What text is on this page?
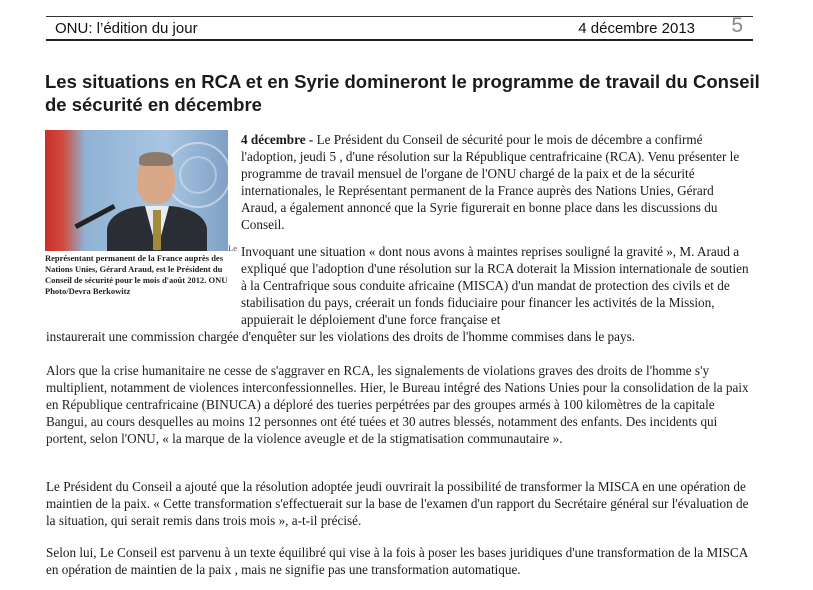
ONU: l’édition du jour	4 décembre 2013 5
Les situations en RCA et en Syrie domineront le programme de travail du Conseil de sécurité en décembre
Représentant permanent de la France auprès des Nations Unies, Gérard Araud, est le Président du Conseil de sécurité pour le mois d'août 2012. ONU Photo/Devra Berkowitz
Le

4 décembre - Le Président du Conseil de sécurité pour le mois de décembre a confirmé l'adoption, jeudi 5 , d'une résolution sur la République centrafricaine (RCA). Venu présenter le programme de travail mensuel de l'organe de l'ONU chargé de la paix et de la sécurité internationales, le Représentant permanent de la France auprès des Nations Unies, Gérard Araud, a également annoncé que la Syrie figurerait en bonne place dans les discussions du Conseil.

Invoquant une situation « dont nous avons à maintes reprises souligné la gravité », M. Araud a expliqué que l'adoption d'une résolution sur la RCA doterait la Mission internationale de soutien à la Centrafrique sous conduite africaine (MISCA) d'un mandat de protection des civils et de stabilisation du pays, créerait un fonds fiduciaire pour financer les activités de la Mission, appuierait le déploiement d'une force française et

instaurerait une commission chargée d'enquêter sur les violations des droits de l'homme commises dans le pays.

Alors que la crise humanitaire ne cesse de s'aggraver en RCA, les signalements de violations graves des droits de l'homme s'y multiplient, notamment de violences interconfessionnelles. Hier, le Bureau intégré des Nations Unies pour la consolidation de la paix en République centrafricaine (BINUCA) a déploré des tueries perpétrées par des groupes armés à 100 kilomètres de la capitale Bangui, au cours desquelles au moins 12 personnes ont été tuées et 30 autres blessés, notamment des enfants. Des incidents qui portent, selon l'ONU, « la marque de la violence aveugle et de la stigmatisation communautaire ».

Le Président du Conseil a ajouté que la résolution adoptée jeudi ouvrirait la possibilité de transformer la MISCA en une opération de maintien de la paix. « Cette transformation s'effectuerait sur la base de l'examen d'un rapport du Secrétaire général sur l'évaluation de la situation, qui serait remis dans trois mois », a-t-il précisé.

Selon lui, Le Conseil est parvenu à un texte équilibré qui vise à la fois à poser les bases juridiques d'une transformation de la MISCA en opération de maintien de la paix , mais ne signifie pas une transformation automatique.
